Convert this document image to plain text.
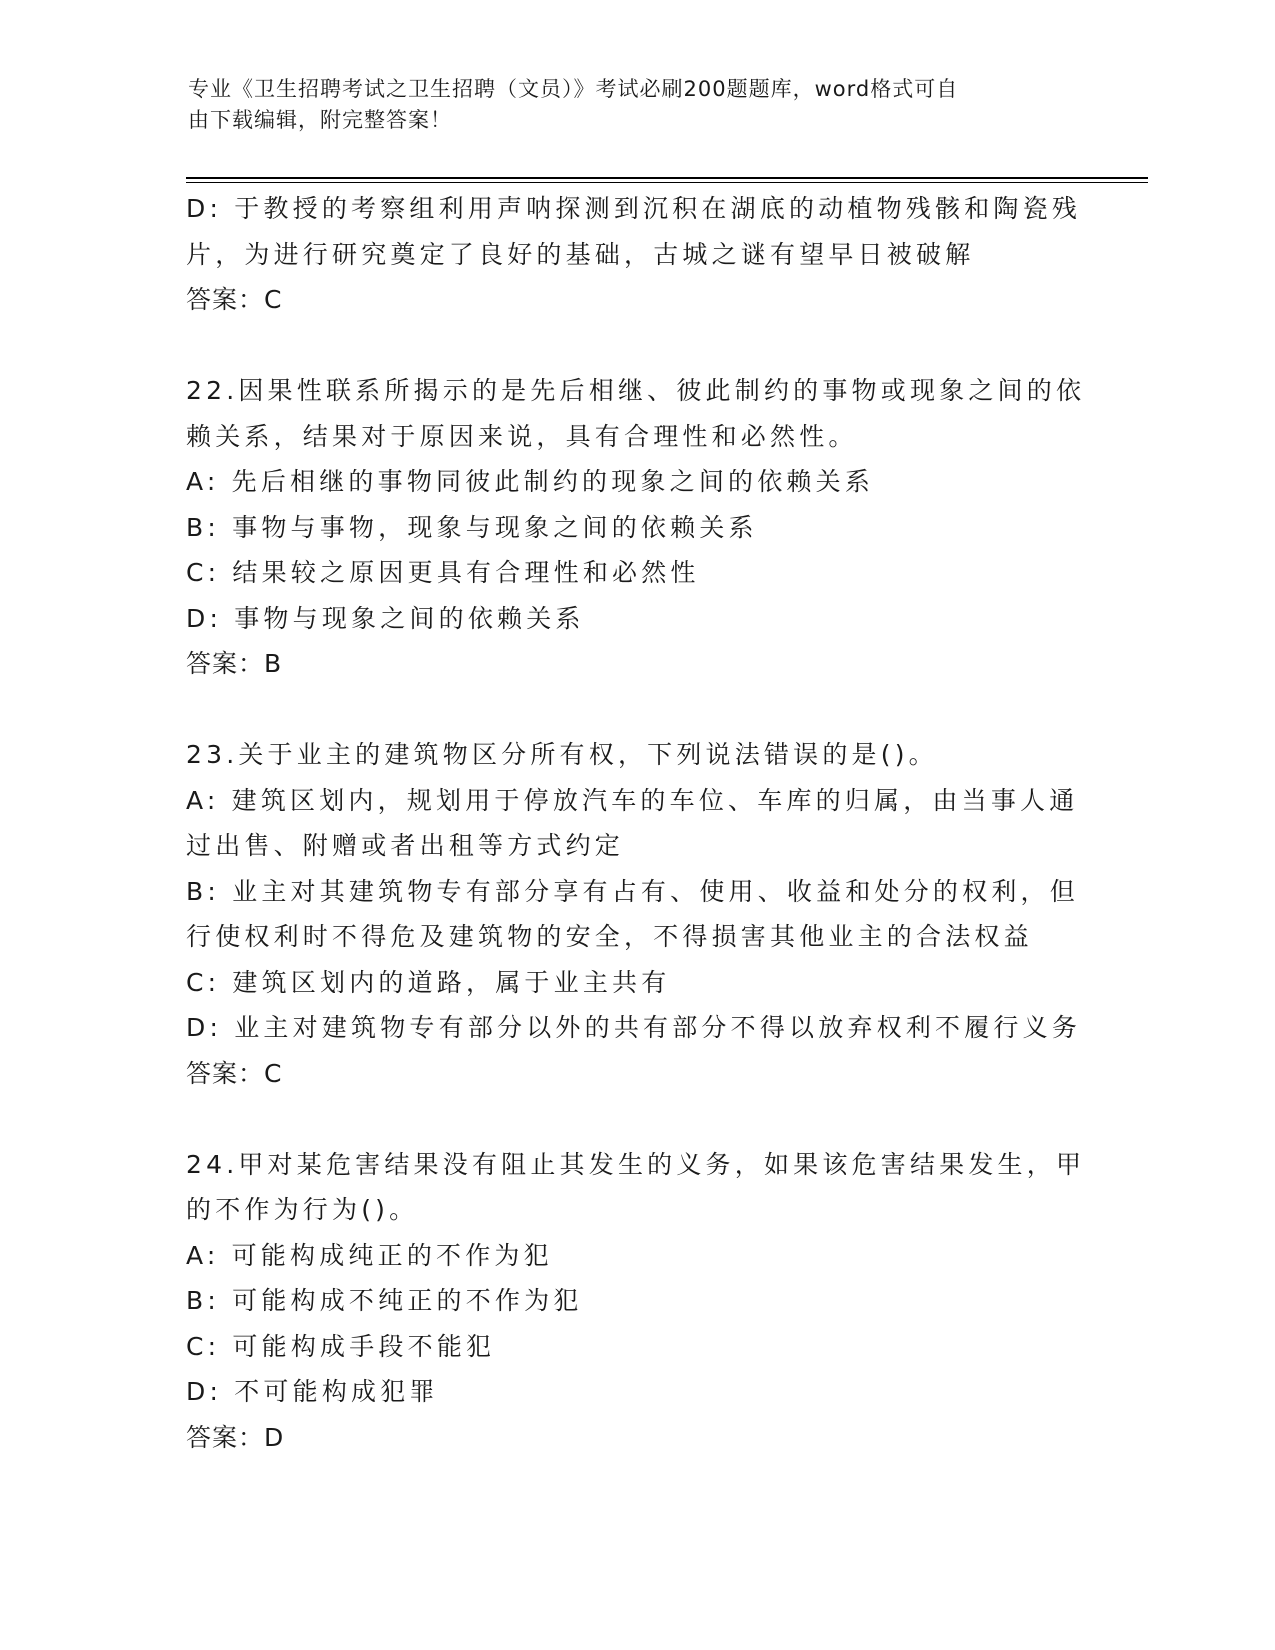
专业《卫生招聘考试之卫生招聘（文员）》考试必刷200题题库，word格式可自
由下载编辑，附完整答案！
D: 于教授的考察组利用声呐探测到沉积在湖底的动植物残骸和陶瓷残
片，为进行研究奠定了良好的基础，古城之谜有望早日被破解
答案：C
22.因果性联系所揭示的是先后相继、彼此制约的事物或现象之间的依
赖关系，结果对于原因来说，具有合理性和必然性。
A: 先后相继的事物同彼此制约的现象之间的依赖关系
B: 事物与事物，现象与现象之间的依赖关系
C: 结果较之原因更具有合理性和必然性
D: 事物与现象之间的依赖关系
答案：B
23.关于业主的建筑物区分所有权，下列说法错误的是()。
A: 建筑区划内，规划用于停放汽车的车位、车库的归属，由当事人通
过出售、附赠或者出租等方式约定
B: 业主对其建筑物专有部分享有占有、使用、收益和处分的权利，但
行使权利时不得危及建筑物的安全，不得损害其他业主的合法权益
C: 建筑区划内的道路，属于业主共有
D: 业主对建筑物专有部分以外的共有部分不得以放弃权利不履行义务
答案：C
24.甲对某危害结果没有阻止其发生的义务，如果该危害结果发生，甲
的不作为行为()。
A: 可能构成纯正的不作为犯
B: 可能构成不纯正的不作为犯
C: 可能构成手段不能犯
D: 不可能构成犯罪
答案：D
